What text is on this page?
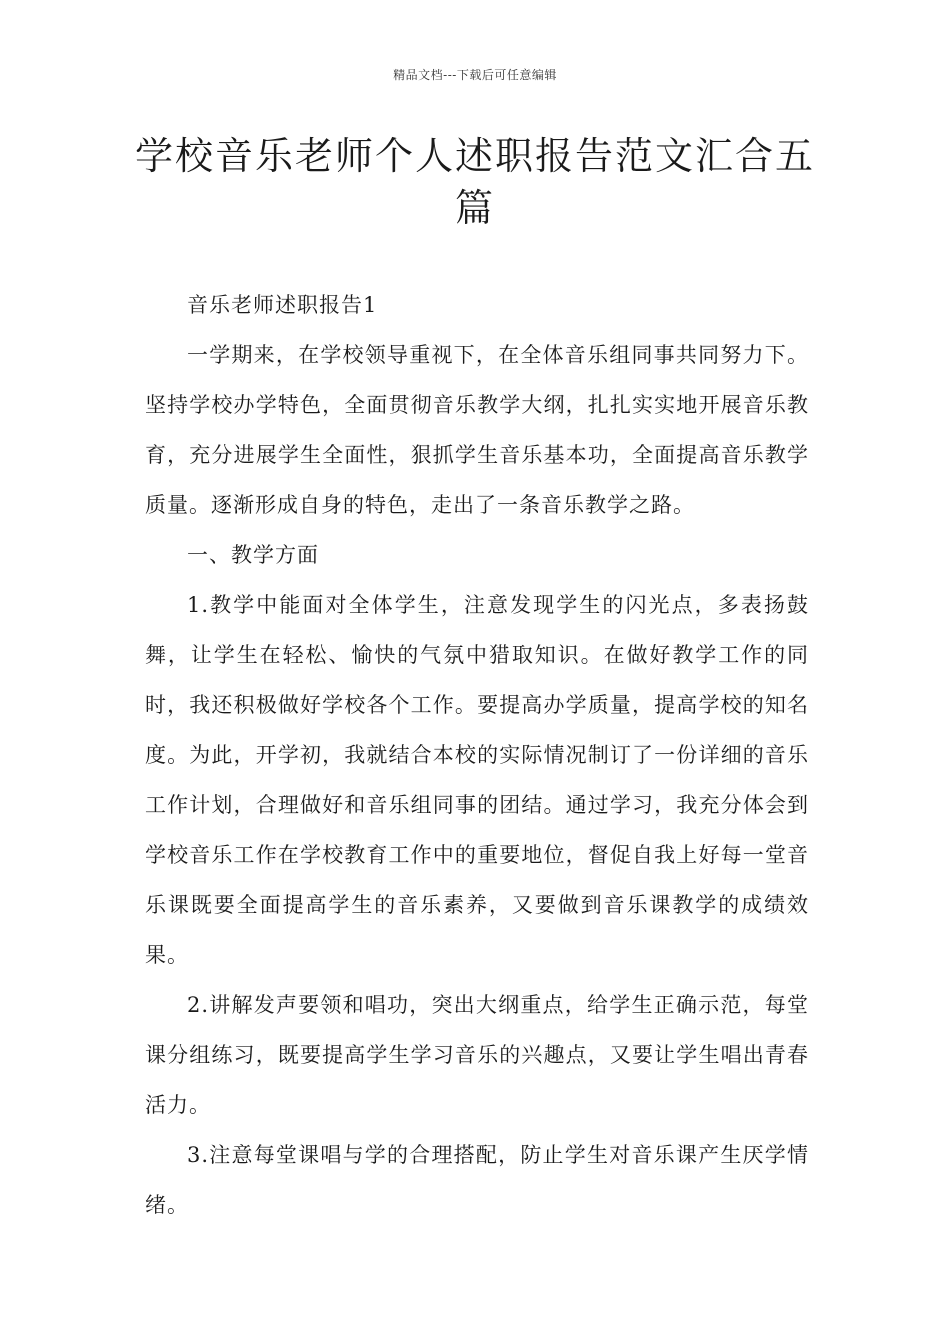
精品文档---下载后可任意编辑
学校音乐老师个人述职报告范文汇合五篇

音乐老师述职报告1

一学期来，在学校领导重视下，在全体音乐组同事共同努力下。坚持学校办学特色，全面贯彻音乐教学大纲，扎扎实实地开展音乐教育，充分进展学生全面性，狠抓学生音乐基本功，全面提高音乐教学质量。逐渐形成自身的特色，走出了一条音乐教学之路。

一、教学方面

1.教学中能面对全体学生，注意发现学生的闪光点，多表扬鼓舞，让学生在轻松、愉快的气氛中猎取知识。在做好教学工作的同时，我还积极做好学校各个工作。要提高办学质量，提高学校的知名度。为此，开学初，我就结合本校的实际情况制订了一份详细的音乐工作计划，合理做好和音乐组同事的团结。通过学习，我充分体会到学校音乐工作在学校教育工作中的重要地位，督促自我上好每一堂音乐课既要全面提高学生的音乐素养，又要做到音乐课教学的成绩效果。

2.讲解发声要领和唱功，突出大纲重点，给学生正确示范，每堂课分组练习，既要提高学生学习音乐的兴趣点，又要让学生唱出青春活力。

3.注意每堂课唱与学的合理搭配，防止学生对音乐课产生厌学情绪。
